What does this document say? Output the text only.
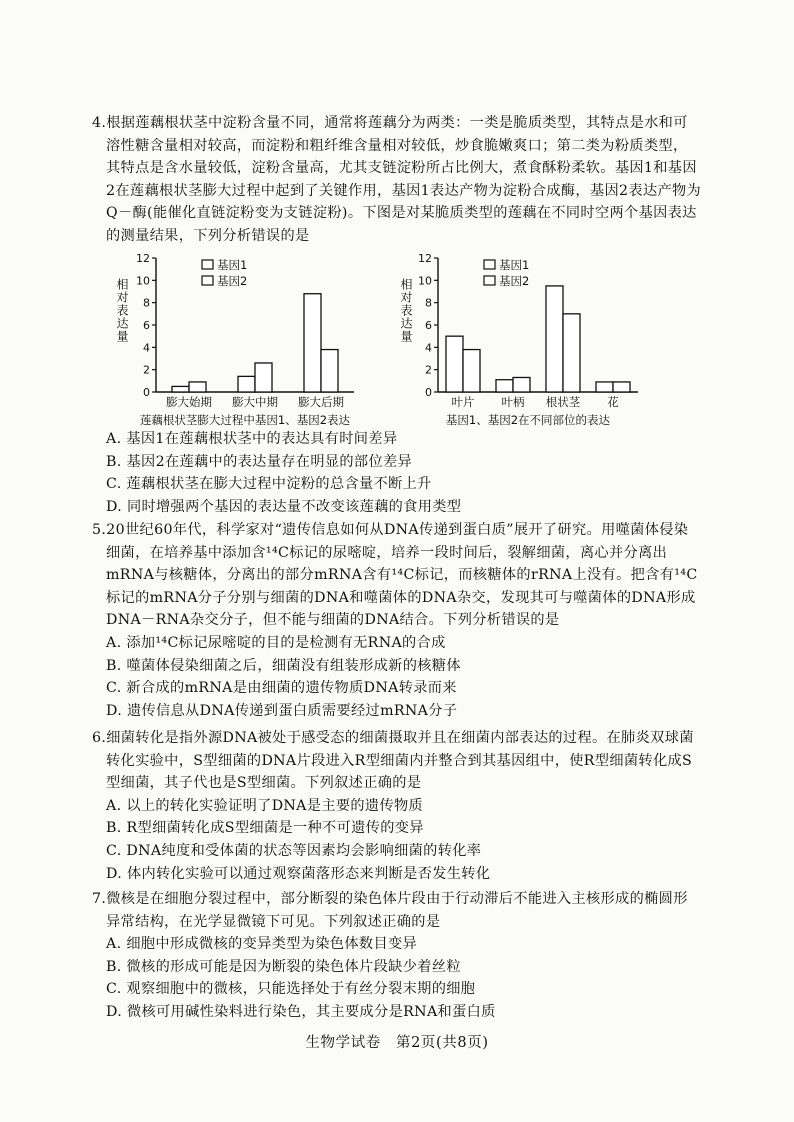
4.根据莲藕根状茎中淀粉含量不同，通常将莲藕分为两类：一类是脆质类型，其特点是水和可溶性糖含量相对较高，而淀粉和粗纤维含量相对较低，炒食脆嫩爽口；第二类为粉质类型，其特点是含水量较低，淀粉含量高，尤其支链淀粉所占比例大，煮食酥粉柔软。基因1和基因2在莲藕根状茎膨大过程中起到了关键作用，基因1表达产物为淀粉合成酶，基因2表达产物为Q－酶(能催化直链淀粉变为支链淀粉)。下图是对某脆质类型的莲藕在不同时空两个基因表达的测量结果，下列分析错误的是

0
2
4
6
8
10
12
相对表达量
膨大始期 膨大中期 膨大后期
基因1
基因2
莲藕根状茎膨大过程中基因1、基因2表达
0
2
4
6
8
10
12
相对表达量
叶片 叶柄 根状茎 花
基因1
基因2
基因1、基因2在不同部位的表达

A. 基因1在莲藕根状茎中的表达具有时间差异

B. 基因2在莲藕中的表达量存在明显的部位差异

C. 莲藕根状茎在膨大过程中淀粉的总含量不断上升

D. 同时增强两个基因的表达量不改变该莲藕的食用类型

5.20世纪60年代，科学家对“遗传信息如何从DNA传递到蛋白质”展开了研究。用噬菌体侵染细菌，在培养基中添加含¹⁴C标记的尿嘧啶，培养一段时间后，裂解细菌，离心并分离出mRNA与核糖体，分离出的部分mRNA含有¹⁴C标记，而核糖体的rRNA上没有。把含有¹⁴C标记的mRNA分子分别与细菌的DNA和噬菌体的DNA杂交，发现其可与噬菌体的DNA形成DNA－RNA杂交分子，但不能与细菌的DNA结合。下列分析错误的是

A. 添加¹⁴C标记尿嘧啶的目的是检测有无RNA的合成

B. 噬菌体侵染细菌之后，细菌没有组装形成新的核糖体

C. 新合成的mRNA是由细菌的遗传物质DNA转录而来

D. 遗传信息从DNA传递到蛋白质需要经过mRNA分子

6.细菌转化是指外源DNA被处于感受态的细菌摄取并且在细菌内部表达的过程。在肺炎双球菌转化实验中，S型细菌的DNA片段进入R型细菌内并整合到其基因组中，使R型细菌转化成S型细菌，其子代也是S型细菌。下列叙述正确的是

A. 以上的转化实验证明了DNA是主要的遗传物质

B. R型细菌转化成S型细菌是一种不可遗传的变异

C. DNA纯度和受体菌的状态等因素均会影响细菌的转化率

D. 体内转化实验可以通过观察菌落形态来判断是否发生转化

7.微核是在细胞分裂过程中，部分断裂的染色体片段由于行动滞后不能进入主核形成的椭圆形异常结构，在光学显微镜下可见。下列叙述正确的是

A. 细胞中形成微核的变异类型为染色体数目变异

B. 微核的形成可能是因为断裂的染色体片段缺少着丝粒

C. 观察细胞中的微核，只能选择处于有丝分裂末期的细胞

D. 微核可用碱性染料进行染色，其主要成分是RNA和蛋白质

生物学试卷　第2页(共8页)
